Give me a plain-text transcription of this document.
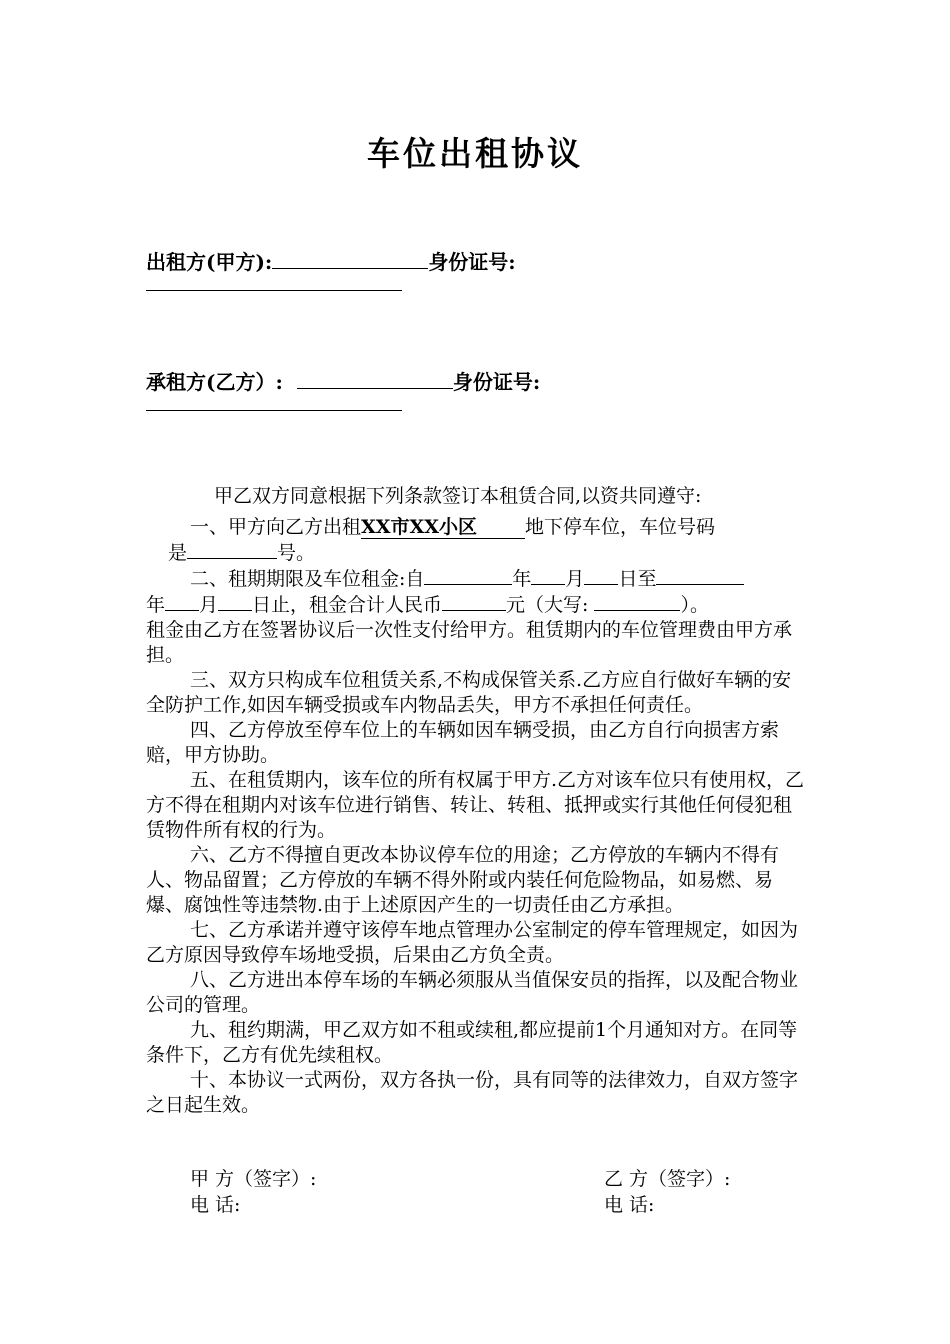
车位出租协议
出租方(甲方):	身份证号:
承租方(乙方）:	身份证号:

甲乙双方同意根据下列条款签订本租赁合同,以资共同遵守:

一、甲方向乙方出租XX市XX小区	地下停车位，车位号码
是	号。

二、租期期限及车位租金:自	年 月 日至
年 月 日止，租金合计人民币	元（大写:	）。
租金由乙方在签署协议后一次性支付给甲方。租赁期内的车位管理费由甲方承担。

三、双方只构成车位租赁关系,不构成保管关系.乙方应自行做好车辆的安全防护工作,如因车辆受损或车内物品丢失，甲方不承担任何责任。

四、乙方停放至停车位上的车辆如因车辆受损，由乙方自行向损害方索赔，甲方协助。

五、在租赁期内，该车位的所有权属于甲方.乙方对该车位只有使用权，乙方不得在租期内对该车位进行销售、转让、转租、抵押或实行其他任何侵犯租赁物件所有权的行为。

六、乙方不得擅自更改本协议停车位的用途；乙方停放的车辆内不得有人、物品留置；乙方停放的车辆不得外附或内装任何危险物品，如易燃、易爆、腐蚀性等违禁物.由于上述原因产生的一切责任由乙方承担。

七、乙方承诺并遵守该停车地点管理办公室制定的停车管理规定，如因为乙方原因导致停车场地受损，后果由乙方负全责。

八、乙方进出本停车场的车辆必须服从当值保安员的指挥，以及配合物业公司的管理。

九、租约期满，甲乙双方如不租或续租,都应提前1个月通知对方。在同等条件下，乙方有优先续租权。

十、本协议一式两份，双方各执一份，具有同等的法律效力，自双方签字之日起生效。

甲 方（签字）:	乙 方（签字）:
电 话:	电 话:
